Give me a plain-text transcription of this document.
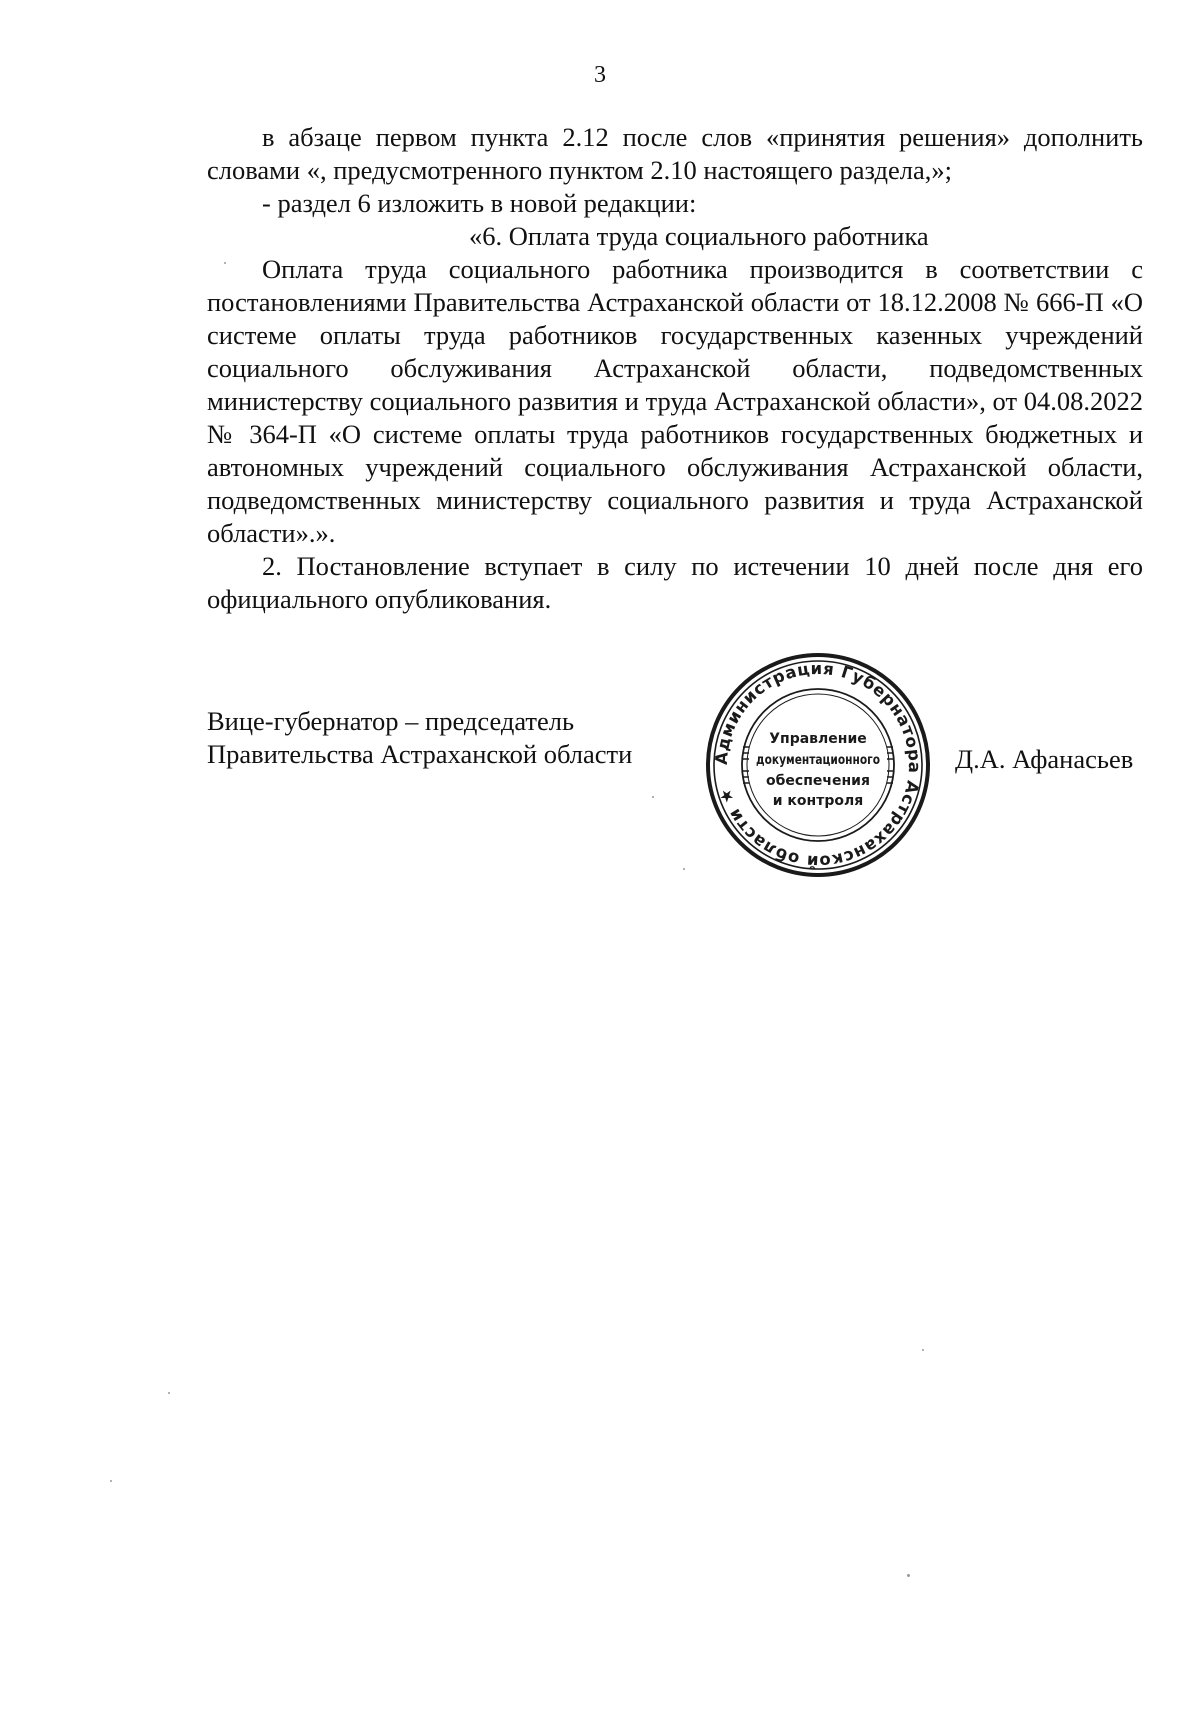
3

в абзаце первом пункта 2.12 после слов «принятия решения» дополнить словами «, предусмотренного пунктом 2.10 настоящего раздела,»;

- раздел 6 изложить в новой редакции:

«6. Оплата труда социального работника

Оплата труда социального работника производится в соответствии с постановлениями Правительства Астраханской области от 18.12.2008 № 666-П «О системе оплаты труда работников государственных казенных учреждений социального обслуживания Астраханской области, подведомственных министерству социального развития и труда Астраханской области», от 04.08.2022 № 364-П «О системе оплаты труда работников государственных бюджетных и автономных учреждений социального обслуживания Астраханской области, подведомственных министерству социального развития и труда Астраханской области».».

2. Постановление вступает в силу по истечении 10 дней после дня его официального опубликования.

Вице-губернатор – председатель
Правительства Астраханской области	Администрация Губернатора Астраханской области ★
Управление
документационного
обеспечения
и контроля
Д.А. Афанасьев
